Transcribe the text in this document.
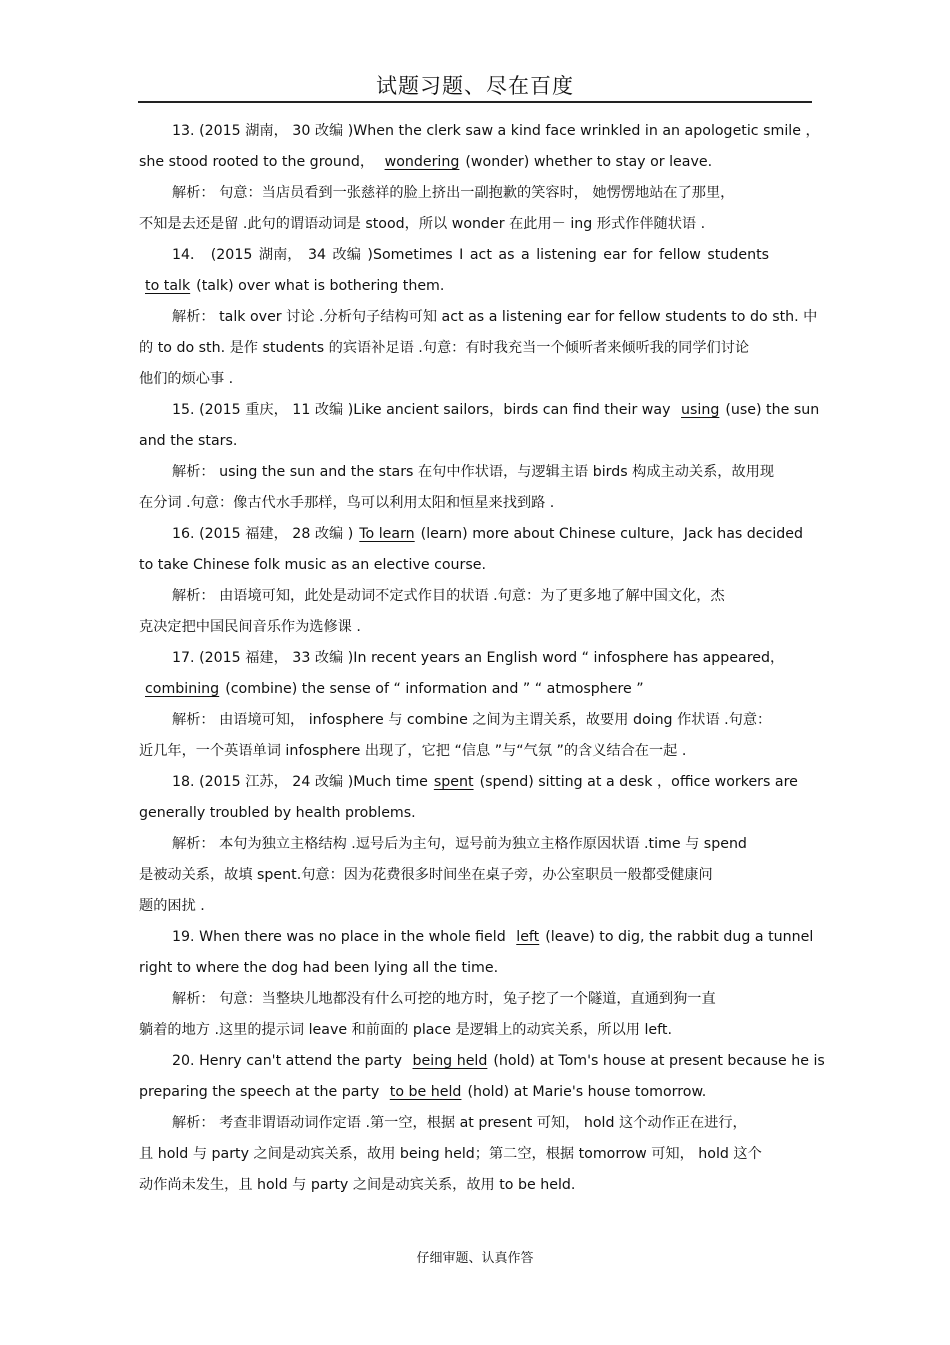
试题习题、尽在百度
13. (2015 湖南， 30 改编 )When the clerk saw a kind face wrinkled in an apologetic smile ，
she stood rooted to the ground， wondering (wonder) whether to stay or leave.
解析： 句意：当店员看到一张慈祥的脸上挤出一副抱歉的笑容时， 她愣愣地站在了那里，
不知是去还是留 .此句的谓语动词是 stood，所以 wonder 在此用－ ing 形式作伴随状语 .
14． (2015 湖南， 34 改编 )Sometimes I act as a listening ear for fellow students
to talk (talk) over what is bothering them.
解析： talk over 讨论 .分析句子结构可知 act as a listening ear for fellow students to do sth. 中
的 to do sth. 是作 students 的宾语补足语 .句意：有时我充当一个倾听者来倾听我的同学们讨论
他们的烦心事 .
15. (2015 重庆， 11 改编 )Like ancient sailors，birds can find their way using (use) the sun
and the stars.
解析： using the sun and the stars 在句中作状语，与逻辑主语 birds 构成主动关系，故用现
在分词 .句意：像古代水手那样，鸟可以利用太阳和恒星来找到路 .
16. (2015 福建， 28 改编 ) To learn (learn) more about Chinese culture，Jack has decided
to take Chinese folk music as an elective course.
解析： 由语境可知，此处是动词不定式作目的状语 .句意：为了更多地了解中国文化，杰
克决定把中国民间音乐作为选修课 .
17. (2015 福建， 33 改编 )In recent years an English word “ infosphere has appeared，
combining (combine) the sense of “ information and ” “ atmosphere ”
解析： 由语境可知， infosphere 与 combine 之间为主谓关系，故要用 doing 作状语 .句意：
近几年，一个英语单词 infosphere 出现了，它把 “信息 ”与“气氛 ”的含义结合在一起 .
18. (2015 江苏， 24 改编 )Much time spent (spend) sitting at a desk ，office workers are
generally troubled by health problems.
解析： 本句为独立主格结构 .逗号后为主句，逗号前为独立主格作原因状语 .time 与 spend
是被动关系，故填 spent.句意：因为花费很多时间坐在桌子旁，办公室职员一般都受健康问
题的困扰 .
19. When there was no place in the whole field left (leave) to dig, the rabbit dug a tunnel
right to where the dog had been lying all the time.
解析： 句意：当整块儿地都没有什么可挖的地方时，兔子挖了一个隧道，直通到狗一直
躺着的地方 .这里的提示词 leave 和前面的 place 是逻辑上的动宾关系，所以用 left.
20. Henry can't attend the party being held (hold) at Tom's house at present because he is
preparing the speech at the party to be held (hold) at Marie's house tomorrow.
解析： 考查非谓语动词作定语 .第一空，根据 at present 可知， hold 这个动作正在进行，
且 hold 与 party 之间是动宾关系，故用 being held；第二空，根据 tomorrow 可知， hold 这个
动作尚未发生，且 hold 与 party 之间是动宾关系，故用 to be held.
仔细审题、认真作答
